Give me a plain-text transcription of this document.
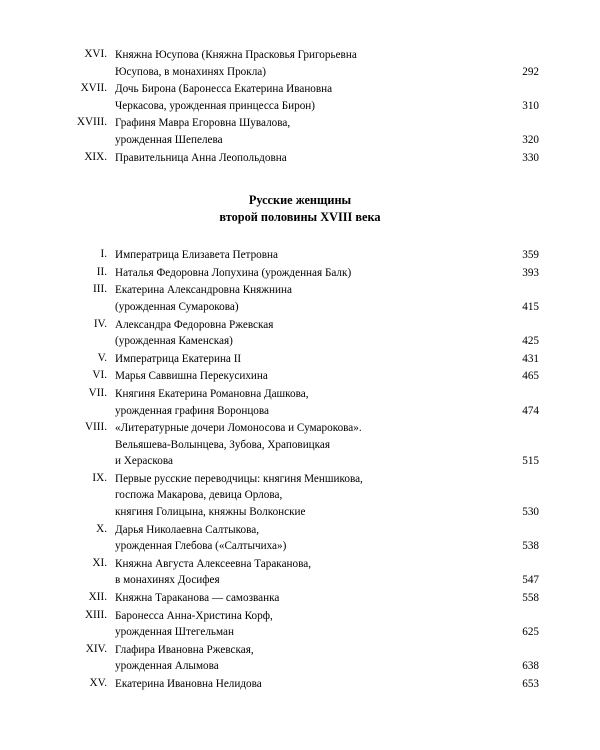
XVI.	Княжна Юсупова (Княжна Прасковья Григорьевна
Юсупова, в монахинях Прокла) 292

XVII.	Дочь Бирона (Баронесса Екатерина Ивановна
Черкасова, урожденная принцесса Бирон) 310

XVIII.	Графиня Мавра Егоровна Шувалова,
урожденная Шепелева 320

XIX.	Правительница Анна Леопольдовна 330
Русские женщины
второй половины XVIII века
I.	Императрица Елизавета Петровна 359

II.	Наталья Федоровна Лопухина (урожденная Балк) 393

III.	Екатерина Александровна Княжнина
(урожденная Сумарокова) 415

IV.	Александра Федоровна Ржевская
(урожденная Каменская) 425

V.	Императрица Екатерина II 431

VI.	Марья Саввишна Перекусихина 465

VII.	Княгиня Екатерина Романовна Дашкова,
урожденная графиня Воронцова 474

VIII.	«Литературные дочери Ломоносова и Сумарокова».
Вельяшева-Волынцева, Зубова, Храповицкая
и Хераскова 515

IX.	Первые русские переводчицы: княгиня Меншикова,
госпожа Макарова, девица Орлова,
княгиня Голицына, княжны Волконские 530

X.	Дарья Николаевна Салтыкова,
урожденная Глебова («Салтычиха») 538

XI.	Княжна Августа Алексеевна Тараканова,
в монахинях Досифея 547

XII.	Княжна Тараканова — самозванка 558

XIII.	Баронесса Анна-Христина Корф,
урожденная Штегельман 625

XIV.	Глафира Ивановна Ржевская,
урожденная Алымова 638

XV.	Екатерина Ивановна Нелидова 653
